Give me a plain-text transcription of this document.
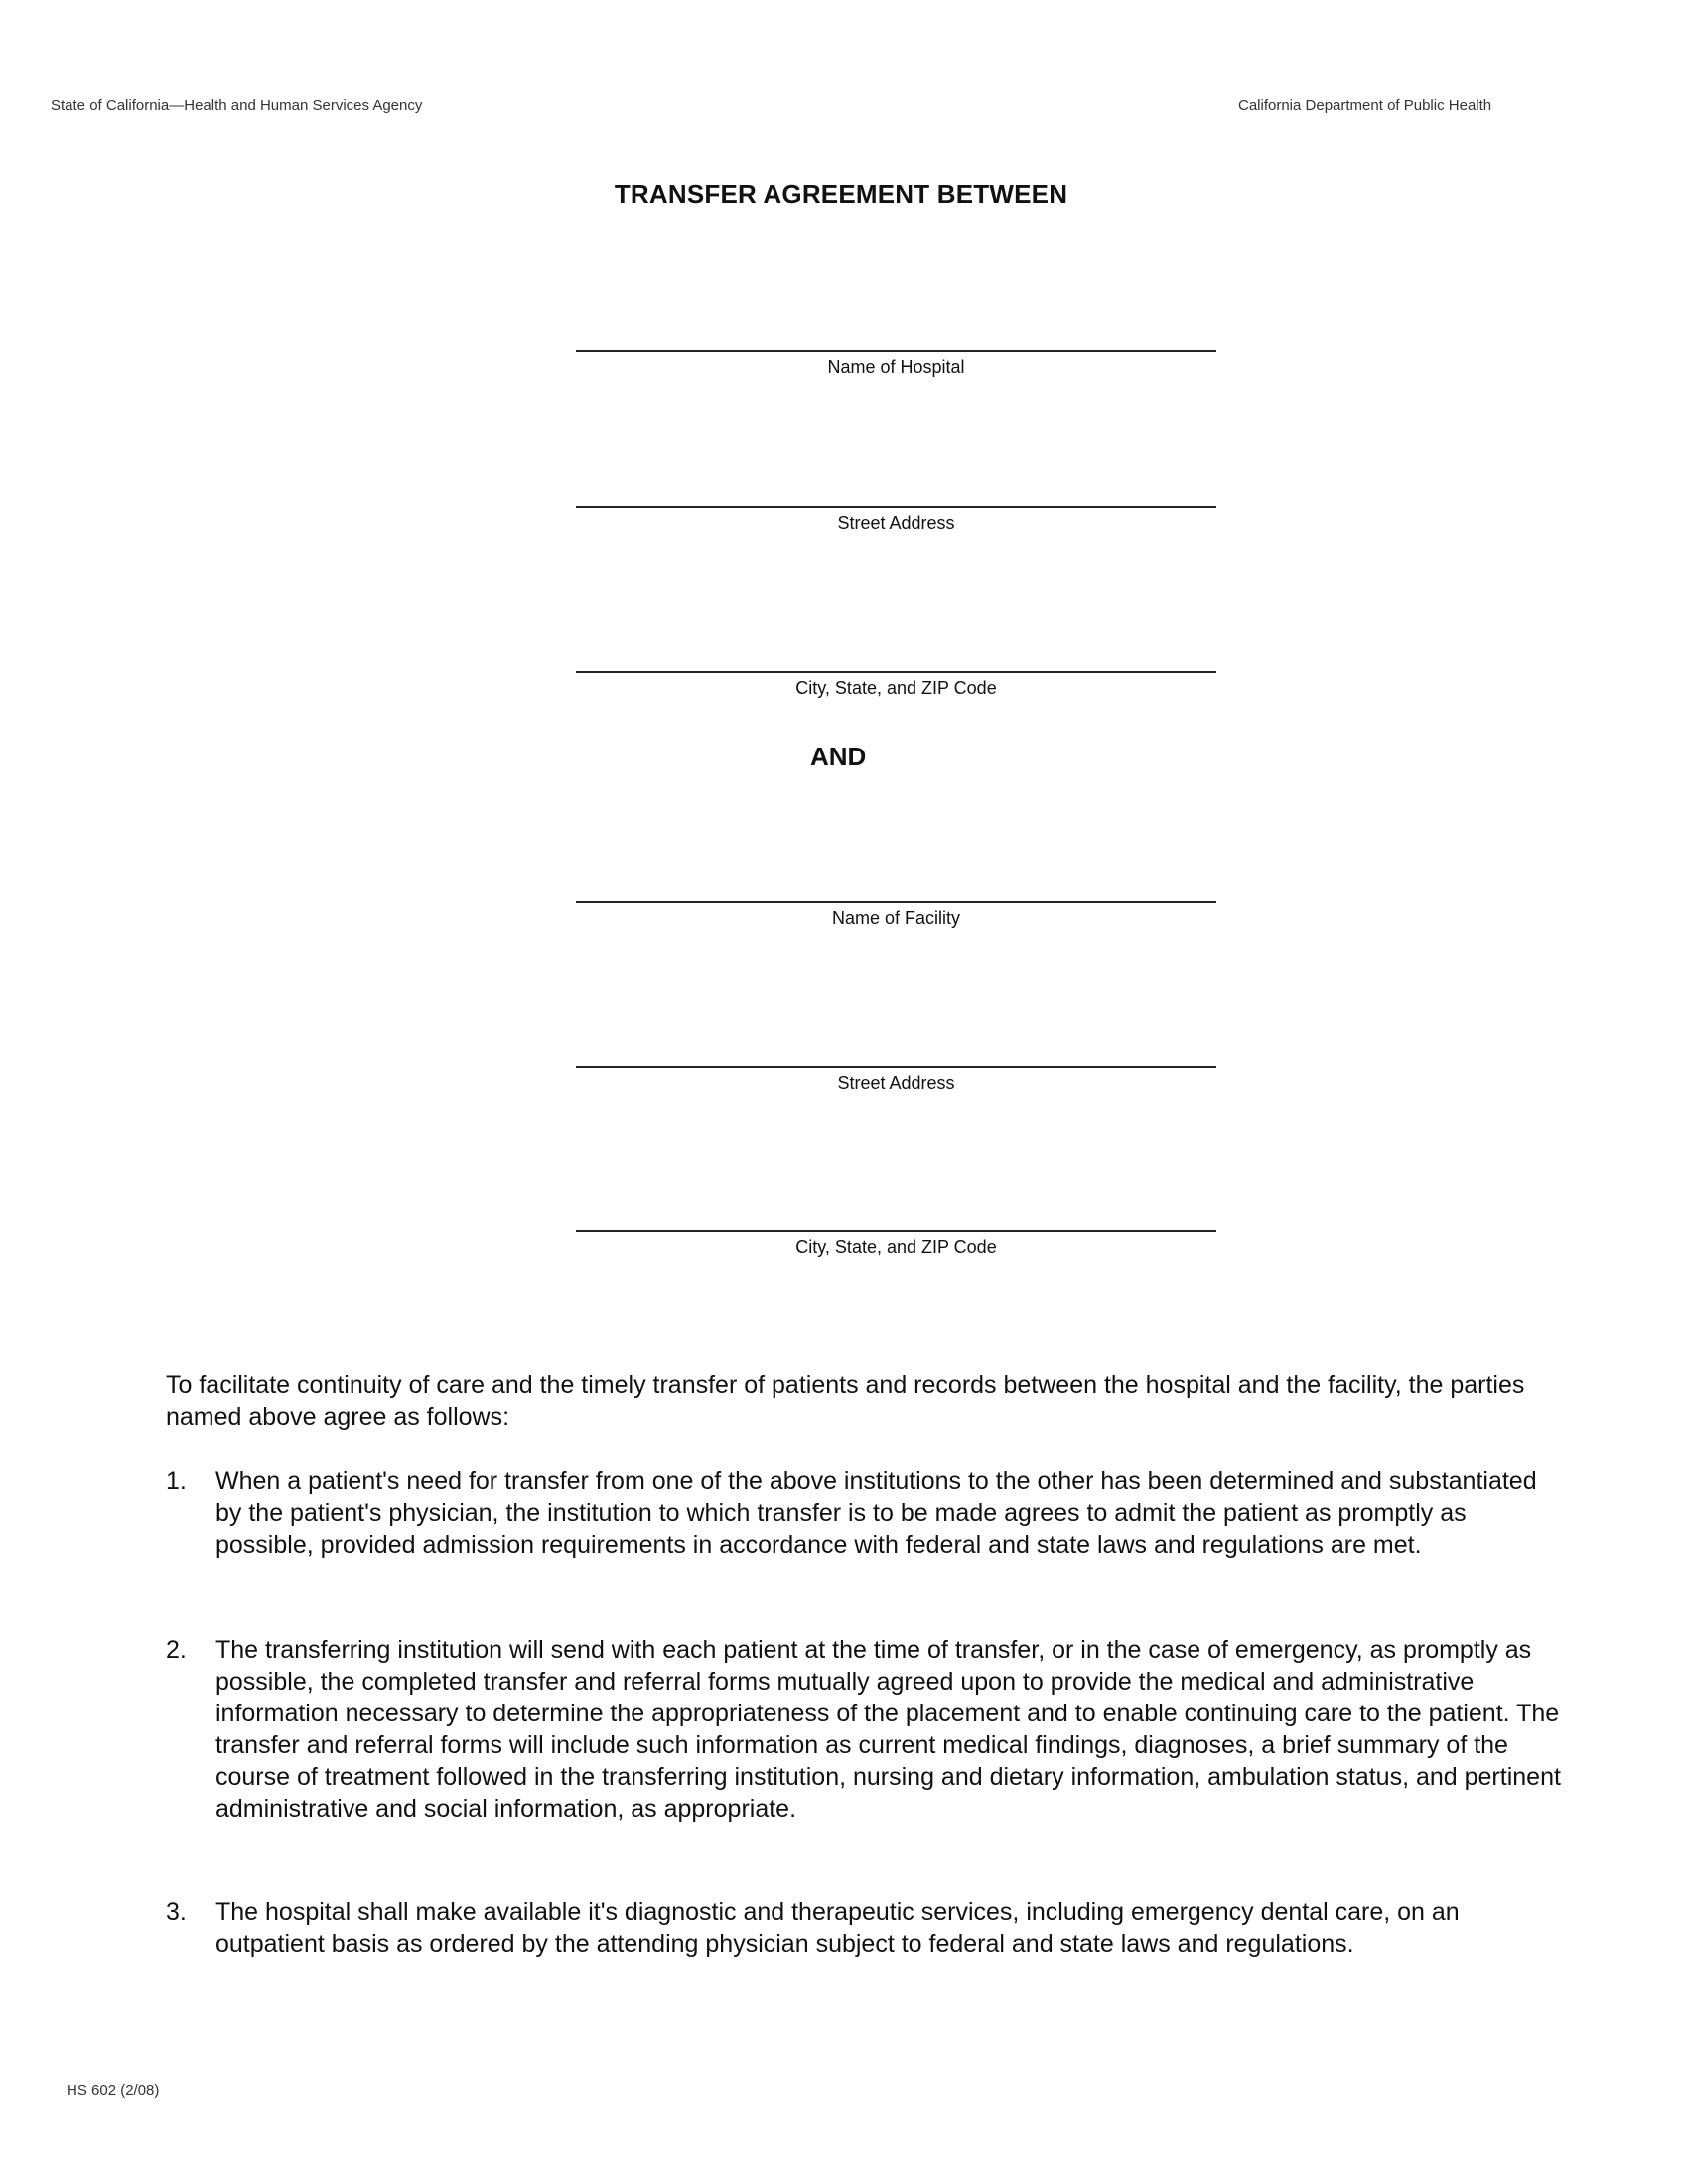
State of California—Health and Human Services Agency	California Department of Public Health
TRANSFER AGREEMENT BETWEEN
Name of Hospital
Street Address
City, State, and ZIP Code
AND
Name of Facility
Street Address
City, State, and ZIP Code
To facilitate continuity of care and the timely transfer of patients and records between the hospital and the facility, the parties named above agree as follows:
1. When a patient's need for transfer from one of the above institutions to the other has been determined and substantiated by the patient's physician, the institution to which transfer is to be made agrees to admit the patient as promptly as possible, provided admission requirements in accordance with federal and state laws and regulations are met.
2. The transferring institution will send with each patient at the time of transfer, or in the case of emergency, as promptly as possible, the completed transfer and referral forms mutually agreed upon to provide the medical and administrative information necessary to determine the appropriateness of the placement and to enable continuing care to the patient. The transfer and referral forms will include such information as current medical findings, diagnoses, a brief summary of the course of treatment followed in the transferring institution, nursing and dietary information, ambulation status, and pertinent administrative and social information, as appropriate.
3. The hospital shall make available it's diagnostic and therapeutic services, including emergency dental care, on an outpatient basis as ordered by the attending physician subject to federal and state laws and regulations.
HS 602 (2/08)
